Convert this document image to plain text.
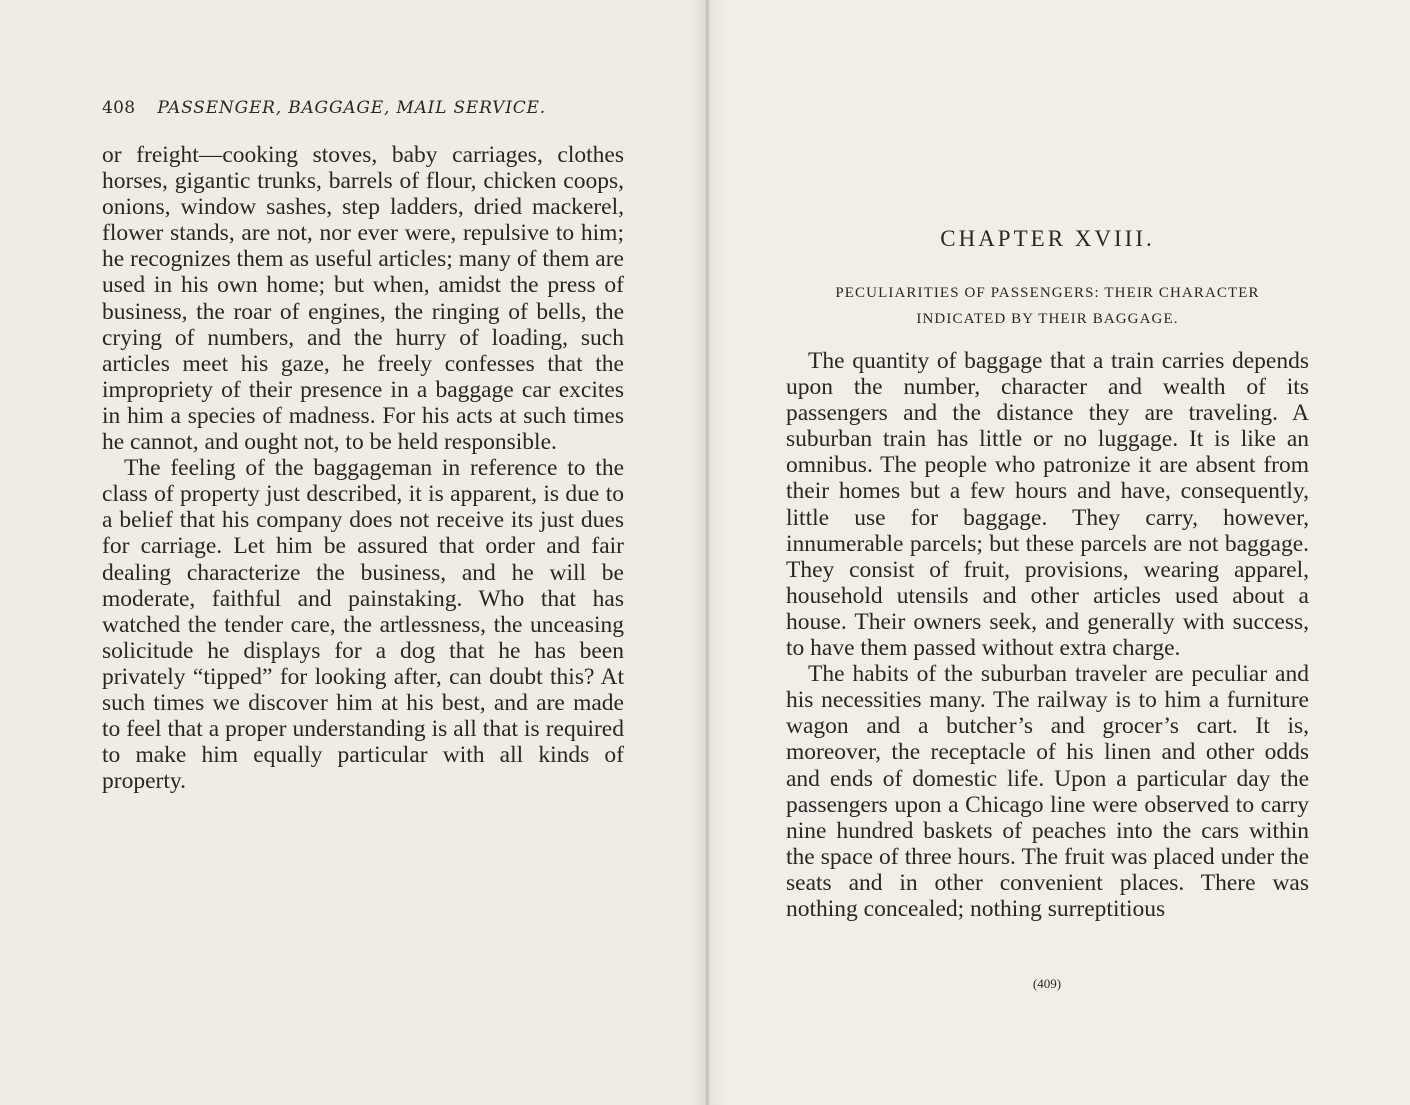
408 PASSENGER, BAGGAGE, MAIL SERVICE.

or freight—cooking stoves, baby carriages, clothes horses, gigantic trunks, barrels of flour, chicken coops, onions, window sashes, step ladders, dried mackerel, flower stands, are not, nor ever were, repulsive to him; he recognizes them as useful articles; many of them are used in his own home; but when, amidst the press of business, the roar of engines, the ringing of bells, the crying of numbers, and the hurry of loading, such articles meet his gaze, he freely confesses that the impropriety of their presence in a baggage car excites in him a species of madness. For his acts at such times he cannot, and ought not, to be held responsible.

The feeling of the baggageman in reference to the class of property just described, it is apparent, is due to a belief that his company does not receive its just dues for carriage. Let him be assured that order and fair dealing characterize the business, and he will be moderate, faithful and painstaking. Who that has watched the tender care, the artlessness, the unceasing solicitude he displays for a dog that he has been privately “tipped” for looking after, can doubt this? At such times we discover him at his best, and are made to feel that a proper understanding is all that is required to make him equally particular with all kinds of property.

CHAPTER XVIII.
PECULIARITIES OF PASSENGERS: THEIR CHARACTER
INDICATED BY THEIR BAGGAGE.

The quantity of baggage that a train carries depends upon the number, character and wealth of its passengers and the distance they are traveling. A suburban train has little or no luggage. It is like an omnibus. The people who patronize it are absent from their homes but a few hours and have, consequently, little use for baggage. They carry, however, innumerable parcels; but these parcels are not baggage. They consist of fruit, provisions, wearing apparel, household utensils and other articles used about a house. Their owners seek, and generally with success, to have them passed without extra charge.

The habits of the suburban traveler are peculiar and his necessities many. The railway is to him a furniture wagon and a butcher’s and grocer’s cart. It is, moreover, the receptacle of his linen and other odds and ends of domestic life. Upon a particular day the passengers upon a Chicago line were observed to carry nine hundred baskets of peaches into the cars within the space of three hours. The fruit was placed under the seats and in other convenient places. There was nothing concealed; nothing surreptitious

(409)
